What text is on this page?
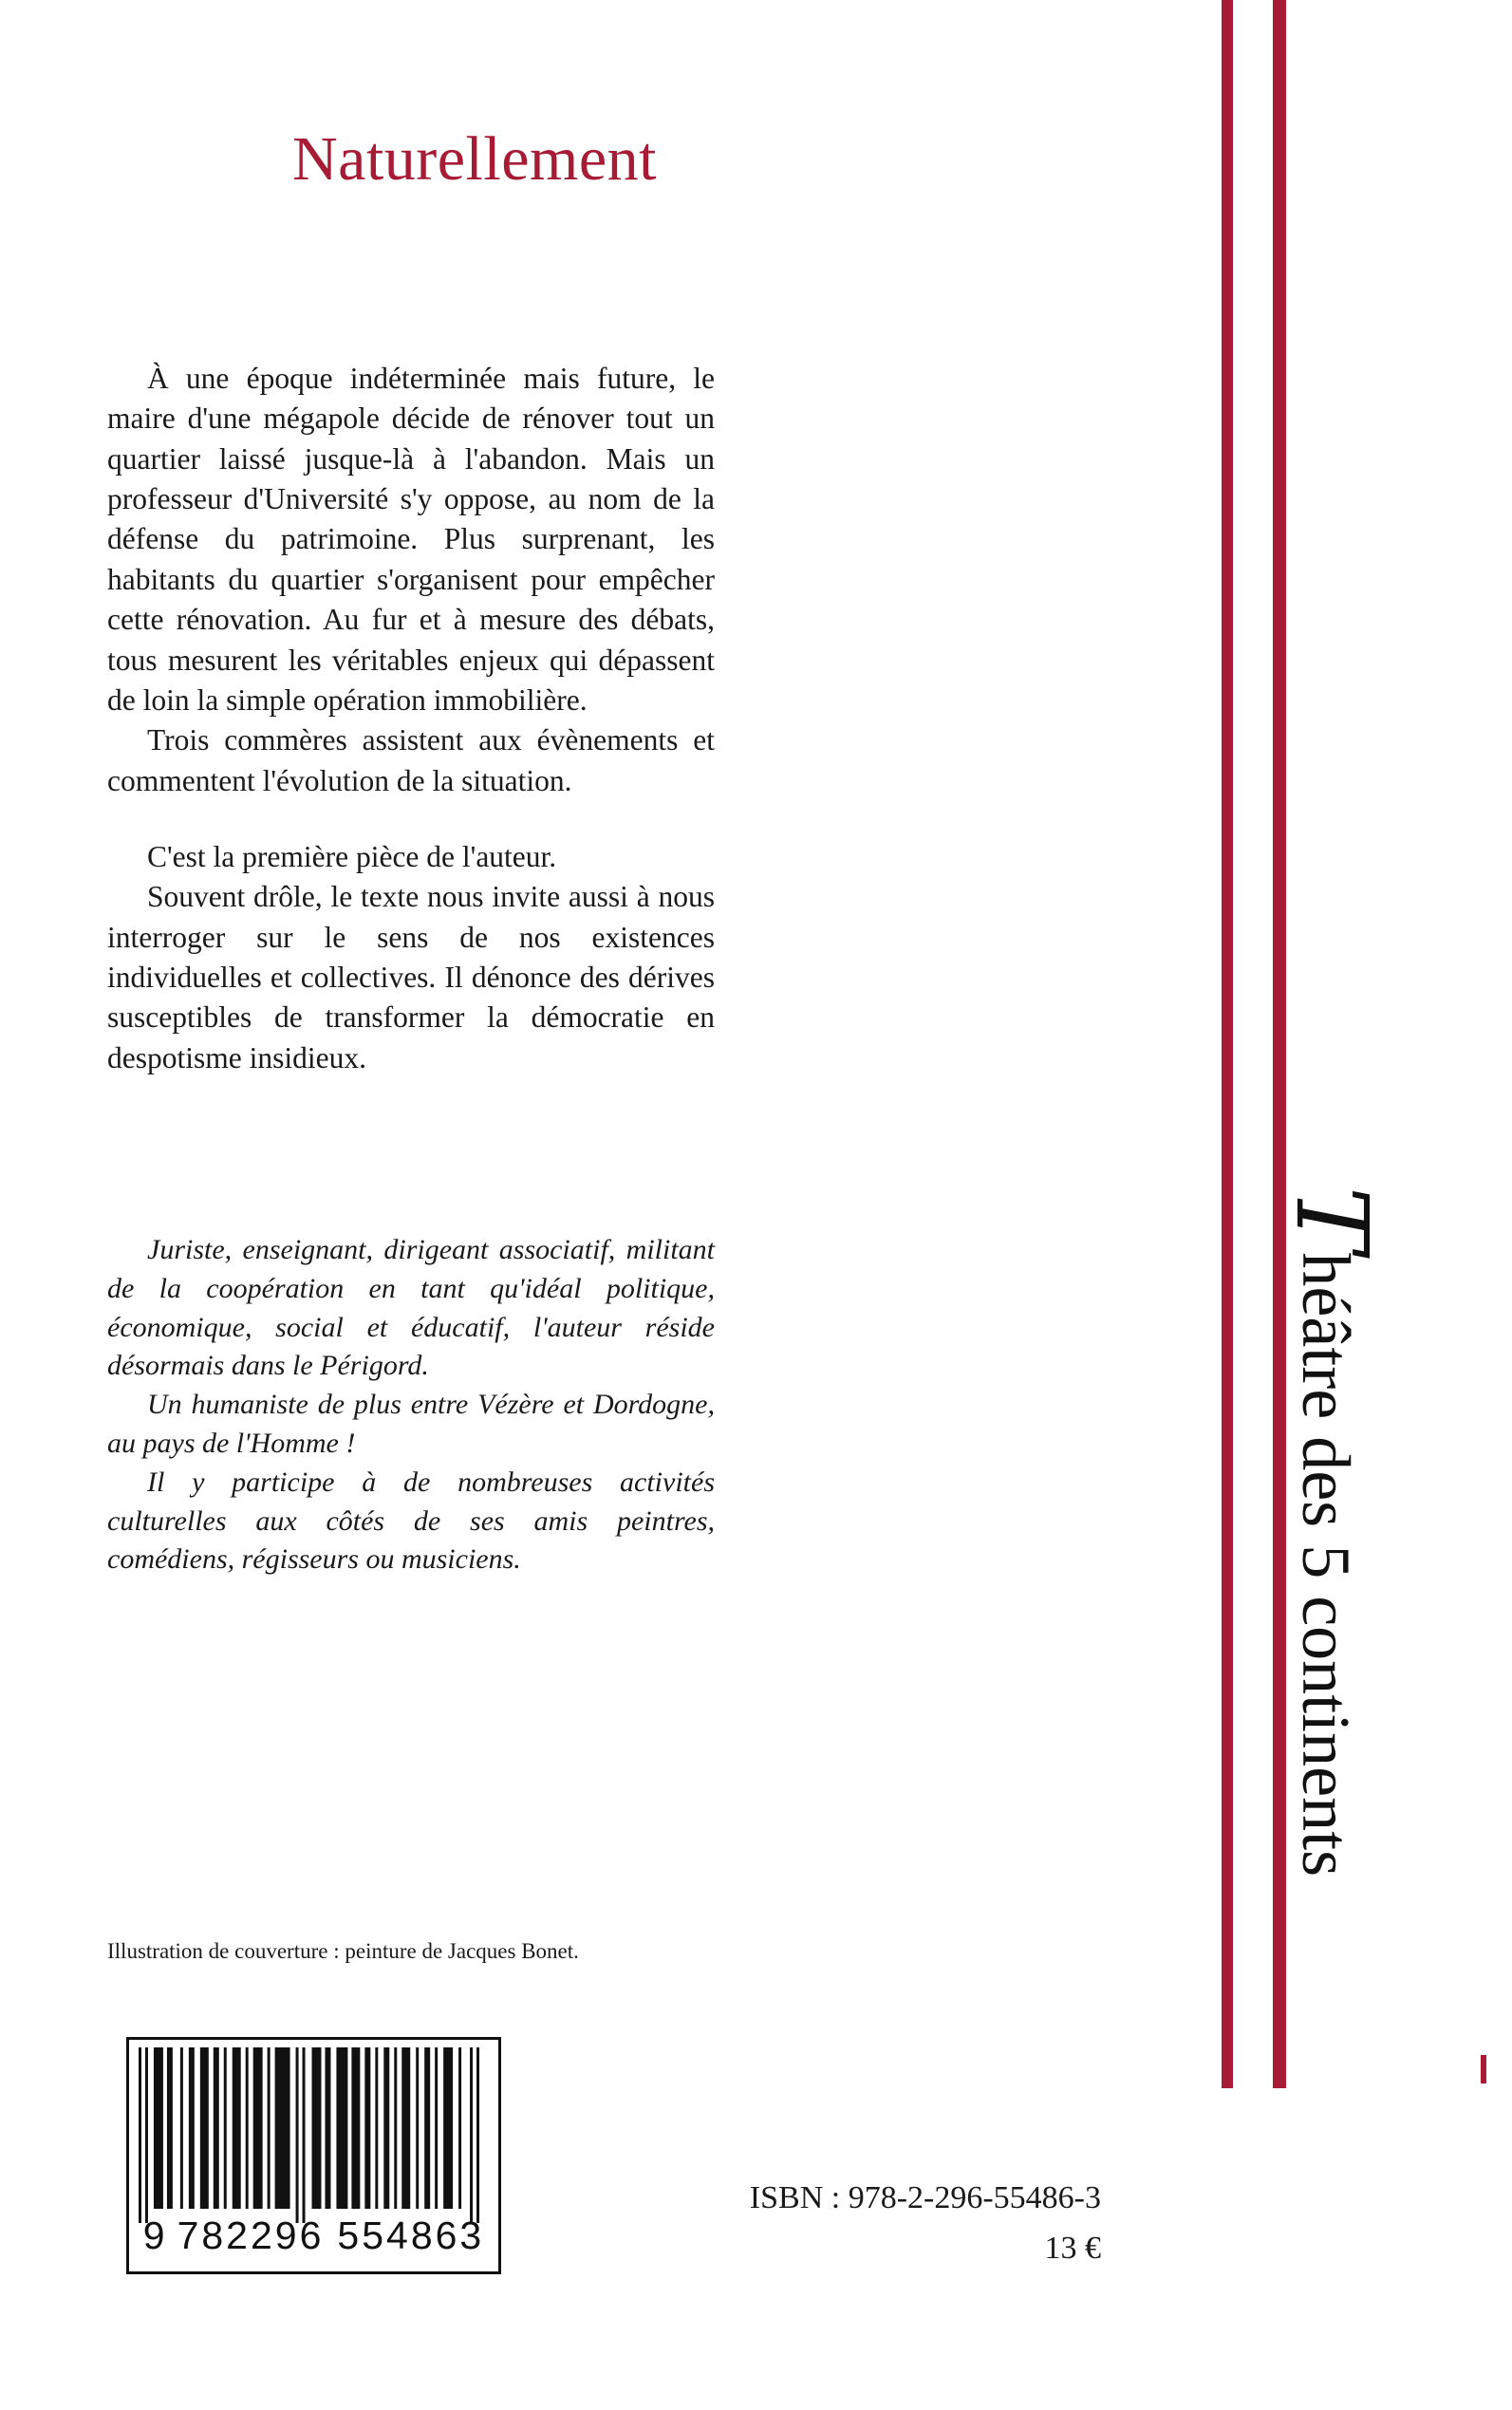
Naturellement

À une époque indéterminée mais future, le maire d'une mégapole décide de rénover tout un quartier laissé jusque-là à l'abandon. Mais un professeur d'Université s'y oppose, au nom de la défense du patrimoine. Plus surprenant, les habitants du quartier s'organisent pour empêcher cette rénovation. Au fur et à mesure des débats, tous mesurent les véritables enjeux qui dépassent de loin la simple opération immobilière.

Trois commères assistent aux évènements et commentent l'évolution de la situation.

C'est la première pièce de l'auteur.

Souvent drôle, le texte nous invite aussi à nous interroger sur le sens de nos existences individuelles et collectives. Il dénonce des dérives susceptibles de transformer la démocratie en despotisme insidieux.

Juriste, enseignant, dirigeant associatif, militant de la coopération en tant qu'idéal politique, économique, social et éducatif, l'auteur réside désormais dans le Périgord.

Un humaniste de plus entre Vézère et Dordogne, au pays de l'Homme !

Il y participe à de nombreuses activités culturelles aux côtés de ses amis peintres, comédiens, régisseurs ou musiciens.

Illustration de couverture : peinture de Jacques Bonet.
9 782296 554863
ISBN : 978-2-296-55486-3
13 €
Théâtre des 5 continents
